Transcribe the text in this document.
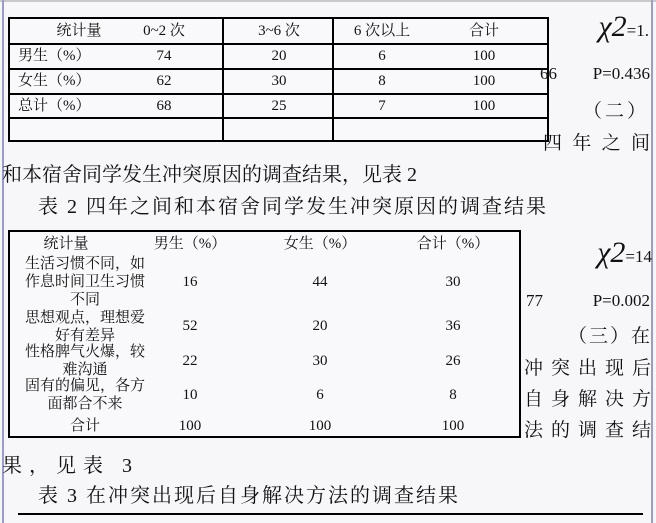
统计量	0~2 次	3~6 次	6 次以上	合计
男生（%）	74	20	6	100
女生（%）	62	30	8	100
总计（%）	68	25	7	100
χ2=1.
66 P=0.436
（二）
四年之间
和本宿舍同学发生冲突原因的调查结果，见表 2
表 2 四年之间和本宿舍同学发生冲突原因的调查结果
统计量	男生（%）	女生（%）	合计（%）
生活习惯不同，如
作息时间卫生习惯
不同
16	44	30
思想观点，理想爱
好有差异
52	20	36
性格脾气火爆，较
难沟通
22	30	26
固有的偏见，各方
面都合不来
10	6	8
合计	100	100	100
χ2=14
77 P=0.002
（三）在
冲突出现后
自身解决方
法的调查结
果，见表 3
表 3 在冲突出现后自身解决方法的调查结果
